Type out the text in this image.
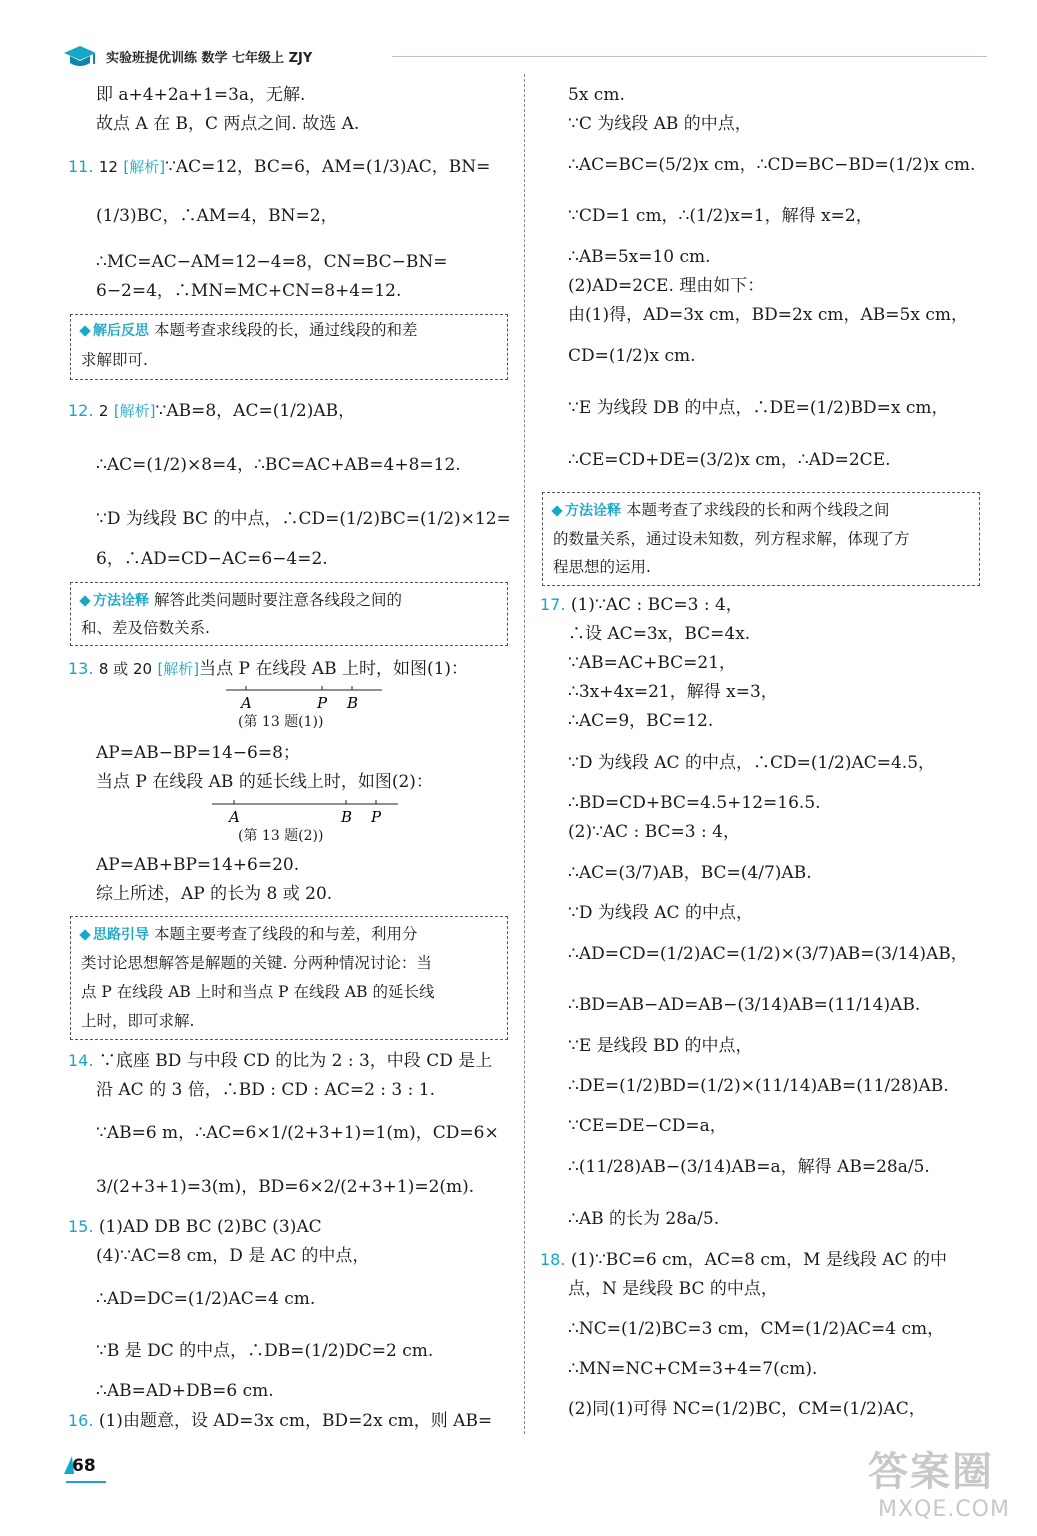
实验班提优训练 数学 七年级上 ZJY
即 a+4+2a+1=3a，无解.
故点 A 在 B，C 两点之间. 故选 A.
11. 12 [解析]∵AC=12，BC=6，AM=(1/3)AC，BN=
(1/3)BC，∴AM=4，BN=2，
∴MC=AC−AM=12−4=8，CN=BC−BN=
6−2=4，∴MN=MC+CN=8+4=12.
解后反思 本题考查求线段的长，通过线段的和差
求解即可.
12. 2 [解析]∵AB=8，AC=(1/2)AB，
∴AC=(1/2)×8=4，∴BC=AC+AB=4+8=12.
∵D 为线段 BC 的中点，∴CD=(1/2)BC=(1/2)×12=
6，∴AD=CD−AC=6−4=2.
方法诠释 解答此类问题时要注意各线段之间的
和、差及倍数关系.
13. 8 或 20 [解析]当点 P 在线段 AB 上时，如图(1)：
A	P B
(第 13 题(1))
AP=AB−BP=14−6=8；
当点 P 在线段 AB 的延长线上时，如图(2)：
A	B P
(第 13 题(2))
AP=AB+BP=14+6=20.
综上所述，AP 的长为 8 或 20.
思路引导 本题主要考查了线段的和与差，利用分
类讨论思想解答是解题的关键. 分两种情况讨论：当
点 P 在线段 AB 上时和当点 P 在线段 AB 的延长线
上时，即可求解.
14. ∵底座 BD 与中段 CD 的比为 2 : 3，中段 CD 是上
沿 AC 的 3 倍，∴BD : CD : AC=2 : 3 : 1.
∵AB=6 m，∴AC=6×1/(2+3+1)=1(m)，CD=6×
3/(2+3+1)=3(m)，BD=6×2/(2+3+1)=2(m).
15. (1)AD DB BC (2)BC (3)AC
(4)∵AC=8 cm，D 是 AC 的中点，
∴AD=DC=(1/2)AC=4 cm.
∵B 是 DC 的中点，∴DB=(1/2)DC=2 cm.
∴AB=AD+DB=6 cm.
16. (1)由题意，设 AD=3x cm，BD=2x cm，则 AB=
5x cm.
∵C 为线段 AB 的中点，
∴AC=BC=(5/2)x cm，∴CD=BC−BD=(1/2)x cm.
∵CD=1 cm，∴(1/2)x=1，解得 x=2，
∴AB=5x=10 cm.
(2)AD=2CE. 理由如下：
由(1)得，AD=3x cm，BD=2x cm，AB=5x cm，
CD=(1/2)x cm.
∵E 为线段 DB 的中点，∴DE=(1/2)BD=x cm，
∴CE=CD+DE=(3/2)x cm，∴AD=2CE.
方法诠释 本题考查了求线段的长和两个线段之间
的数量关系，通过设未知数，列方程求解，体现了方
程思想的运用.
17. (1)∵AC : BC=3 : 4，
∴设 AC=3x，BC=4x.
∵AB=AC+BC=21，
∴3x+4x=21，解得 x=3，
∴AC=9，BC=12.
∵D 为线段 AC 的中点，∴CD=(1/2)AC=4.5，
∴BD=CD+BC=4.5+12=16.5.
(2)∵AC : BC=3 : 4，
∴AC=(3/7)AB，BC=(4/7)AB.
∵D 为线段 AC 的中点，
∴AD=CD=(1/2)AC=(1/2)×(3/7)AB=(3/14)AB，
∴BD=AB−AD=AB−(3/14)AB=(11/14)AB.
∵E 是线段 BD 的中点，
∴DE=(1/2)BD=(1/2)×(11/14)AB=(11/28)AB.
∵CE=DE−CD=a，
∴(11/28)AB−(3/14)AB=a，解得 AB=28a/5.
∴AB 的长为 28a/5.
18. (1)∵BC=6 cm，AC=8 cm，M 是线段 AC 的中
点，N 是线段 BC 的中点，
∴NC=(1/2)BC=3 cm，CM=(1/2)AC=4 cm，
∴MN=NC+CM=3+4=7(cm).
(2)同(1)可得 NC=(1/2)BC，CM=(1/2)AC，
68	答案圈
MXQE.COM
